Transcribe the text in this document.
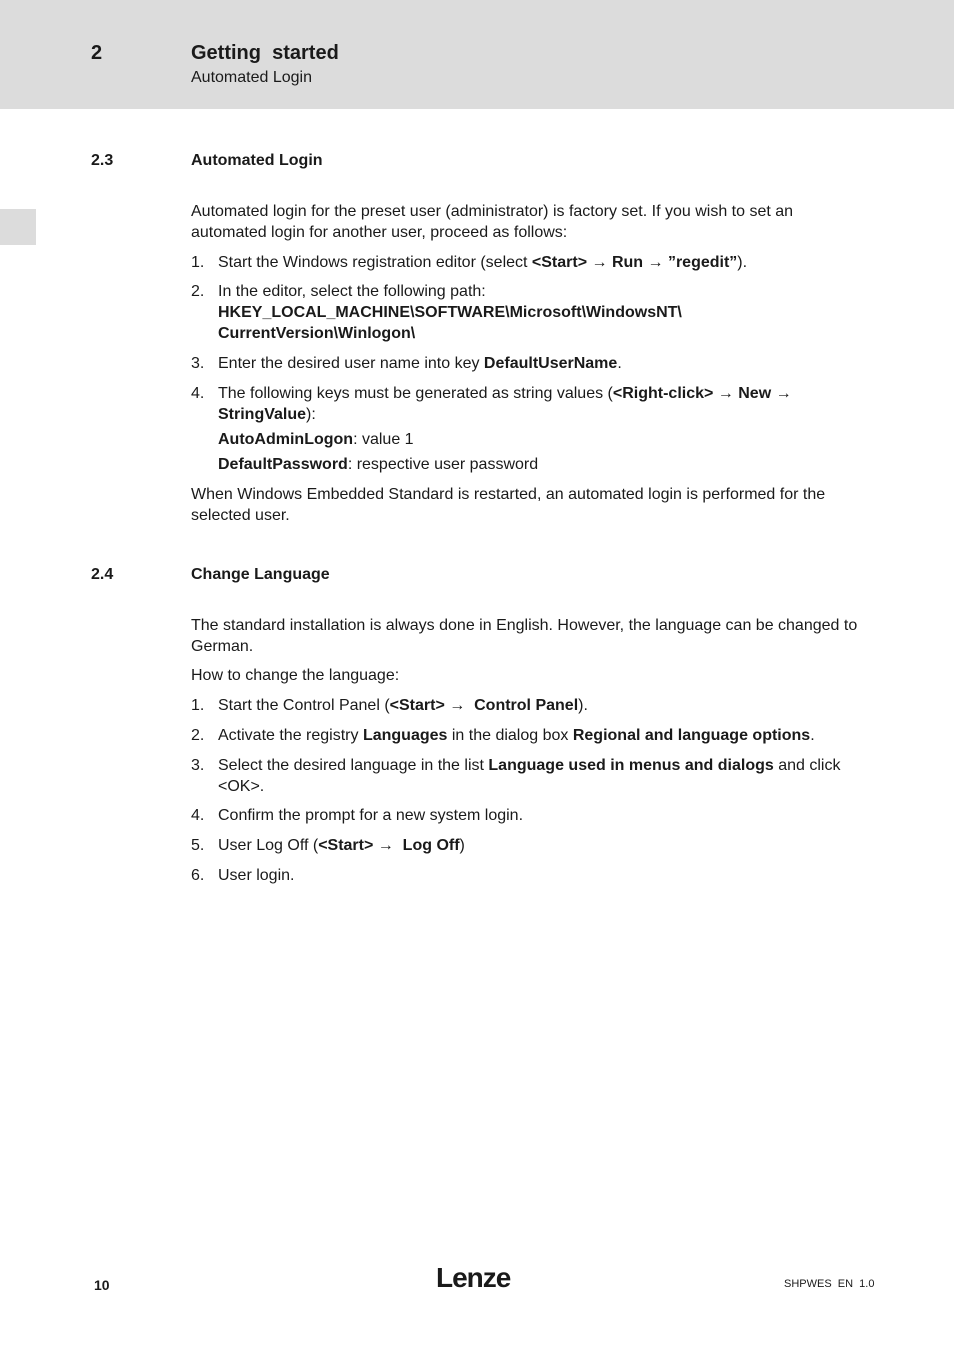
2	Getting  started
Automated Login
2.3	Automated Login

Automated login for the preset user (administrator) is factory set. If you wish to set an automated login for another user, proceed as follows:

1. Start the Windows registration editor (select <Start> → Run → ”regedit”).
2. In the editor, select the following path:
HKEY_LOCAL_MACHINE\SOFTWARE\Microsoft\WindowsNT\
CurrentVersion\Winlogon\
3. Enter the desired user name into key DefaultUserName.
4. The following keys must be generated as string values (<Right-click> → New →
StringValue):
AutoAdminLogon: value 1
DefaultPassword: respective user password

When Windows Embedded Standard is restarted, an automated login is performed for the selected user.

2.4	Change Language

The standard installation is always done in English. However, the language can be changed to German.

How to change the language:

1. Start the Control Panel (<Start> →  Control Panel).
2. Activate the registry Languages in the dialog box Regional and language options.
3. Select the desired language in the list Language used in menus and dialogs and click <OK>.
4. Confirm the prompt for a new system login.
5. User Log Off (<Start> →  Log Off)
6. User login.
10	Lenze	SHPWES  EN  1.0
